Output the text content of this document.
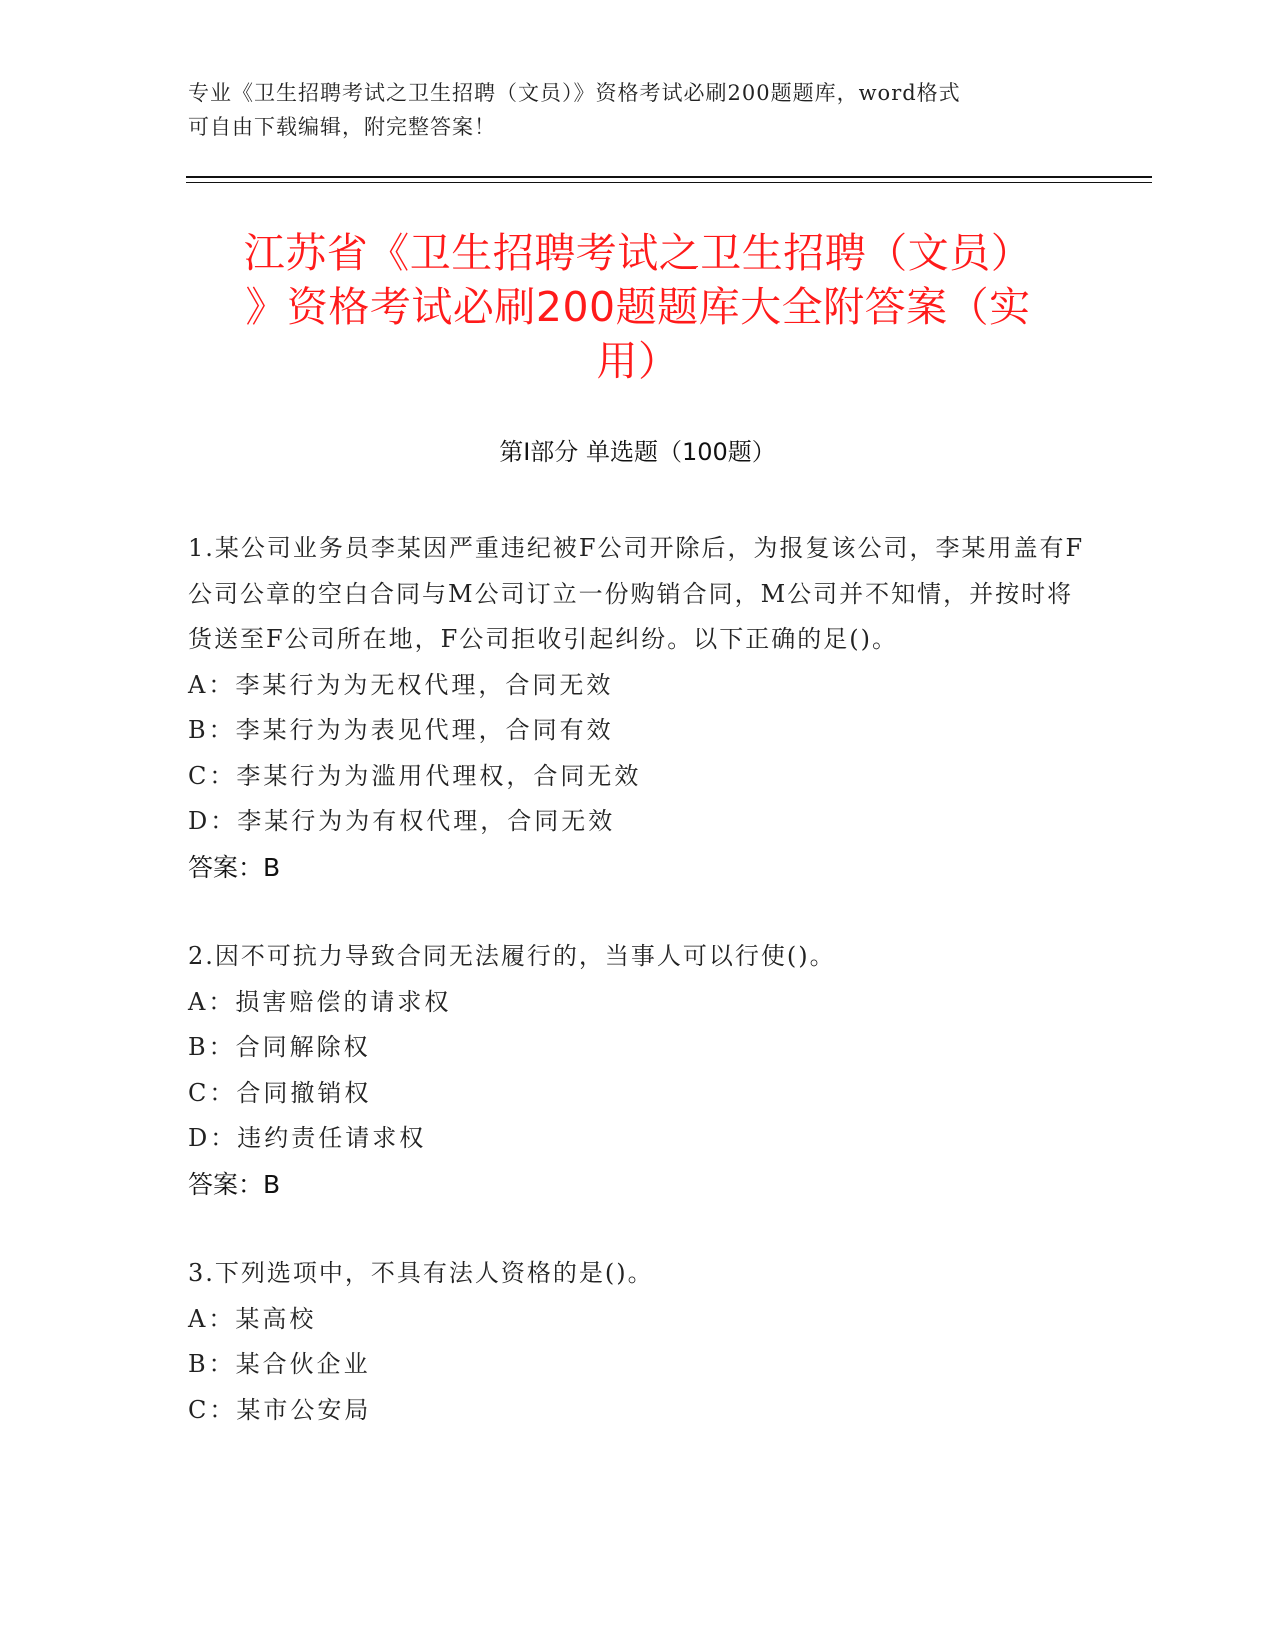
专业《卫生招聘考试之卫生招聘（文员）》资格考试必刷200题题库，word格式
可自由下载编辑，附完整答案！
江苏省《卫生招聘考试之卫生招聘（文员）
》资格考试必刷200题题库大全附答案（实
用）
第Ⅰ部分 单选题（100题）

1.某公司业务员李某因严重违纪被F公司开除后，为报复该公司，李某用盖有F公司公章的空白合同与M公司订立一份购销合同，M公司并不知情，并按时将货送至F公司所在地，F公司拒收引起纠纷。以下正确的足()。

A：李某行为为无权代理，合同无效

B：李某行为为表见代理，合同有效

C：李某行为为滥用代理权，合同无效

D：李某行为为有权代理，合同无效

答案：B

2.因不可抗力导致合同无法履行的，当事人可以行使()。

A：损害赔偿的请求权

B：合同解除权

C：合同撤销权

D：违约责任请求权

答案：B

3.下列选项中，不具有法人资格的是()。

A：某高校

B：某合伙企业

C：某市公安局
